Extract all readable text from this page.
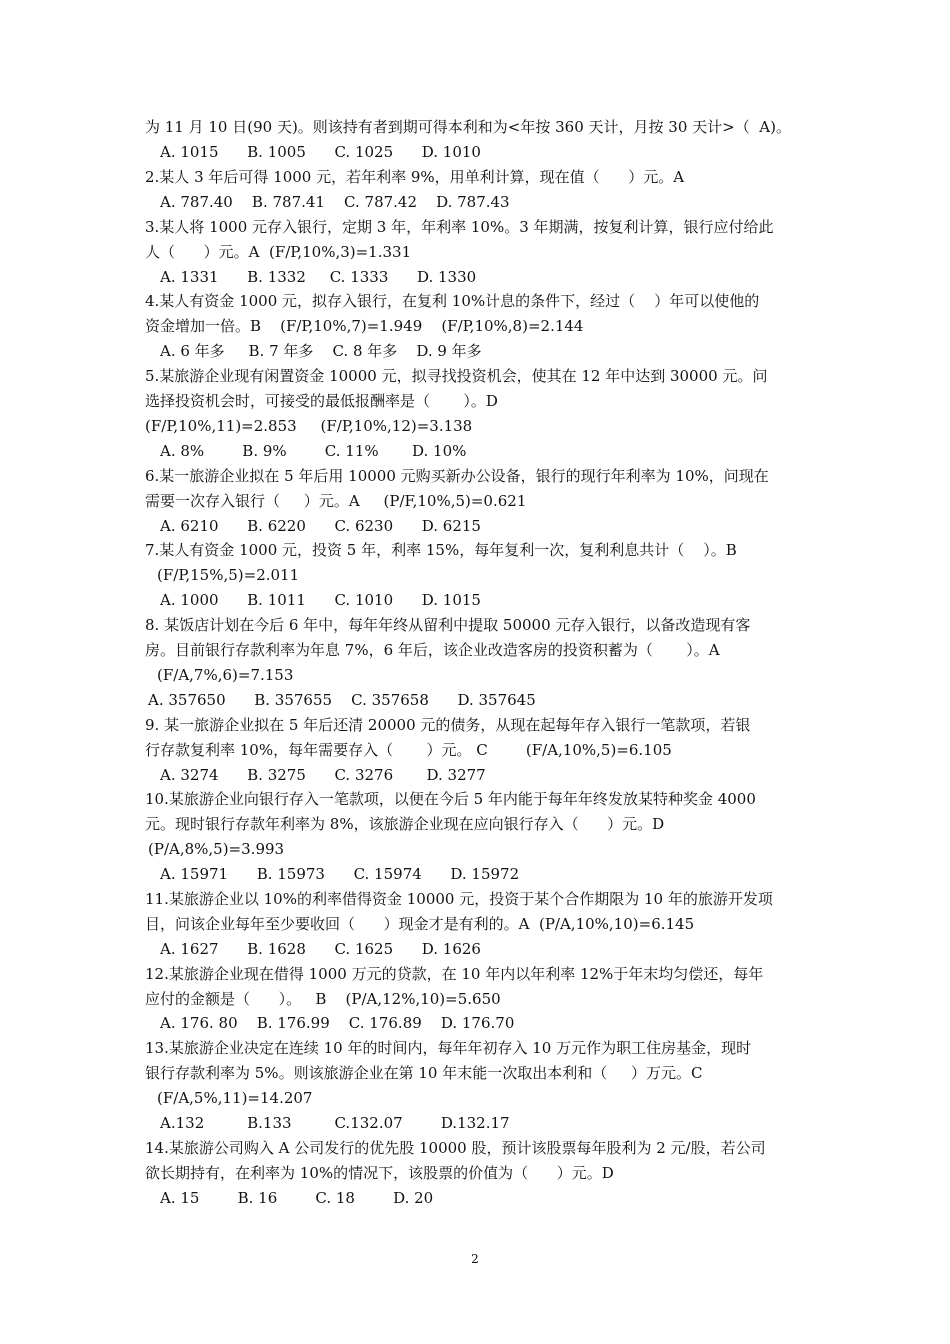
为 11 月 10 日(90 天)。则该持有者到期可得本利和为<年按 360 天计，月按 30 天计>（  A)。
A. 1015      B. 1005      C. 1025      D. 1010
2.某人 3 年后可得 1000 元，若年利率 9%，用单利计算，现在值（      ）元。A
A. 787.40    B. 787.41    C. 787.42    D. 787.43
3.某人将 1000 元存入银行，定期 3 年，年利率 10%。3 年期满，按复利计算，银行应付给此
人（      ）元。A  (F/P,10%,3)=1.331
A. 1331      B. 1332     C. 1333      D. 1330
4.某人有资金 1000 元，拟存入银行，在复利 10%计息的条件下，经过（    ）年可以使他的
资金增加一倍。B    (F/P,10%,7)=1.949    (F/P,10%,8)=2.144
A. 6 年多     B. 7 年多    C. 8 年多    D. 9 年多
5.某旅游企业现有闲置资金 10000 元，拟寻找投资机会，使其在 12 年中达到 30000 元。问
选择投资机会时，可接受的最低报酬率是（       ）。D
(F/P,10%,11)=2.853     (F/P,10%,12)=3.138
A. 8%        B. 9%        C. 11%       D. 10%
6.某一旅游企业拟在 5 年后用 10000 元购买新办公设备，银行的现行年利率为 10%，问现在
需要一次存入银行（     ）元。A     (P/F,10%,5)=0.621
A. 6210      B. 6220      C. 6230      D. 6215
7.某人有资金 1000 元，投资 5 年，利率 15%，每年复利一次，复利利息共计（    ）。B
(F/P,15%,5)=2.011
A. 1000      B. 1011      C. 1010      D. 1015
8. 某饭店计划在今后 6 年中，每年年终从留利中提取 50000 元存入银行，以备改造现有客
房。目前银行存款利率为年息 7%，6 年后，该企业改造客房的投资积蓄为（       ）。A
(F/A,7%,6)=7.153
A. 357650      B. 357655    C. 357658      D. 357645
9. 某一旅游企业拟在 5 年后还清 20000 元的债务，从现在起每年存入银行一笔款项，若银
行存款复利率 10%，每年需要存入（       ）元。 C        (F/A,10%,5)=6.105
A. 3274      B. 3275      C. 3276       D. 3277
10.某旅游企业向银行存入一笔款项，以便在今后 5 年内能于每年年终发放某特种奖金 4000
元。现时银行存款年利率为 8%，该旅游企业现在应向银行存入（      ）元。D
(P/A,8%,5)=3.993
A. 15971      B. 15973      C. 15974      D. 15972
11.某旅游企业以 10%的利率借得资金 10000 元，投资于某个合作期限为 10 年的旅游开发项
目，问该企业每年至少要收回（      ）现金才是有利的。A  (P/A,10%,10)=6.145
A. 1627      B. 1628      C. 1625      D. 1626
12.某旅游企业现在借得 1000 万元的贷款，在 10 年内以年利率 12%于年末均匀偿还，每年
应付的金额是（      ）。   B    (P/A,12%,10)=5.650
A. 176. 80    B. 176.99    C. 176.89    D. 176.70
13.某旅游企业决定在连续 10 年的时间内，每年年初存入 10 万元作为职工住房基金，现时
银行存款利率为 5%。则该旅游企业在第 10 年末能一次取出本利和（     ）万元。C
(F/A,5%,11)=14.207
A.132         B.133         C.132.07        D.132.17
14.某旅游公司购入 A 公司发行的优先股 10000 股，预计该股票每年股利为 2 元/股，若公司
欲长期持有，在利率为 10%的情况下，该股票的价值为（      ）元。D
A. 15        B. 16        C. 18        D. 20
2
